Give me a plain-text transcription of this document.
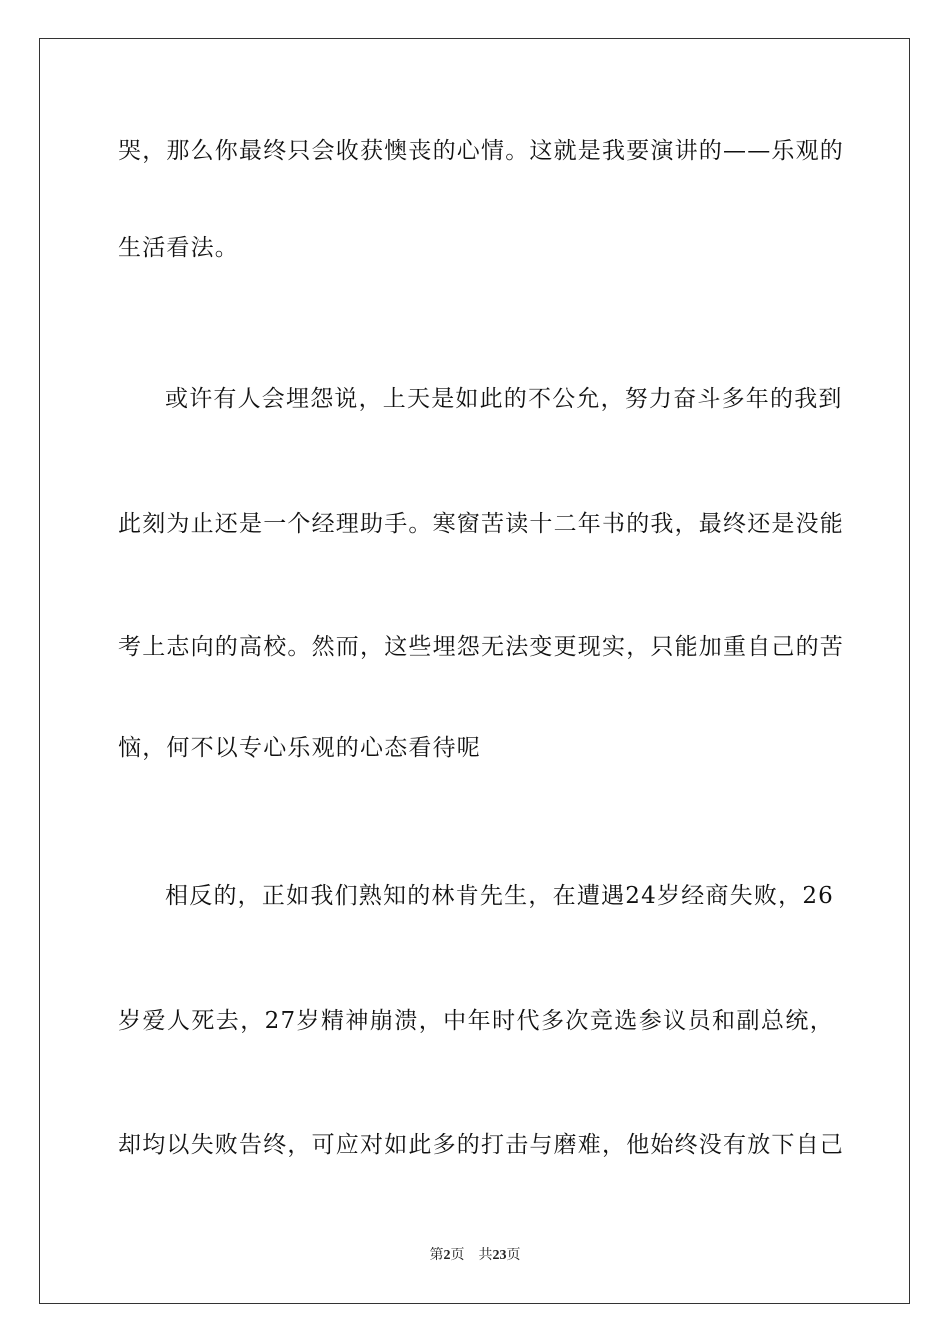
哭，那么你最终只会收获懊丧的心情。这就是我要演讲的——乐观的
生活看法。
或许有人会埋怨说，上天是如此的不公允，努力奋斗多年的我到
此刻为止还是一个经理助手。寒窗苦读十二年书的我，最终还是没能
考上志向的高校。然而，这些埋怨无法变更现实，只能加重自己的苦
恼，何不以专心乐观的心态看待呢
相反的，正如我们熟知的林肯先生，在遭遇24岁经商失败，26
岁爱人死去，27岁精神崩溃，中年时代多次竞选参议员和副总统，
却均以失败告终，可应对如此多的打击与磨难，他始终没有放下自己
第2页 共23页
